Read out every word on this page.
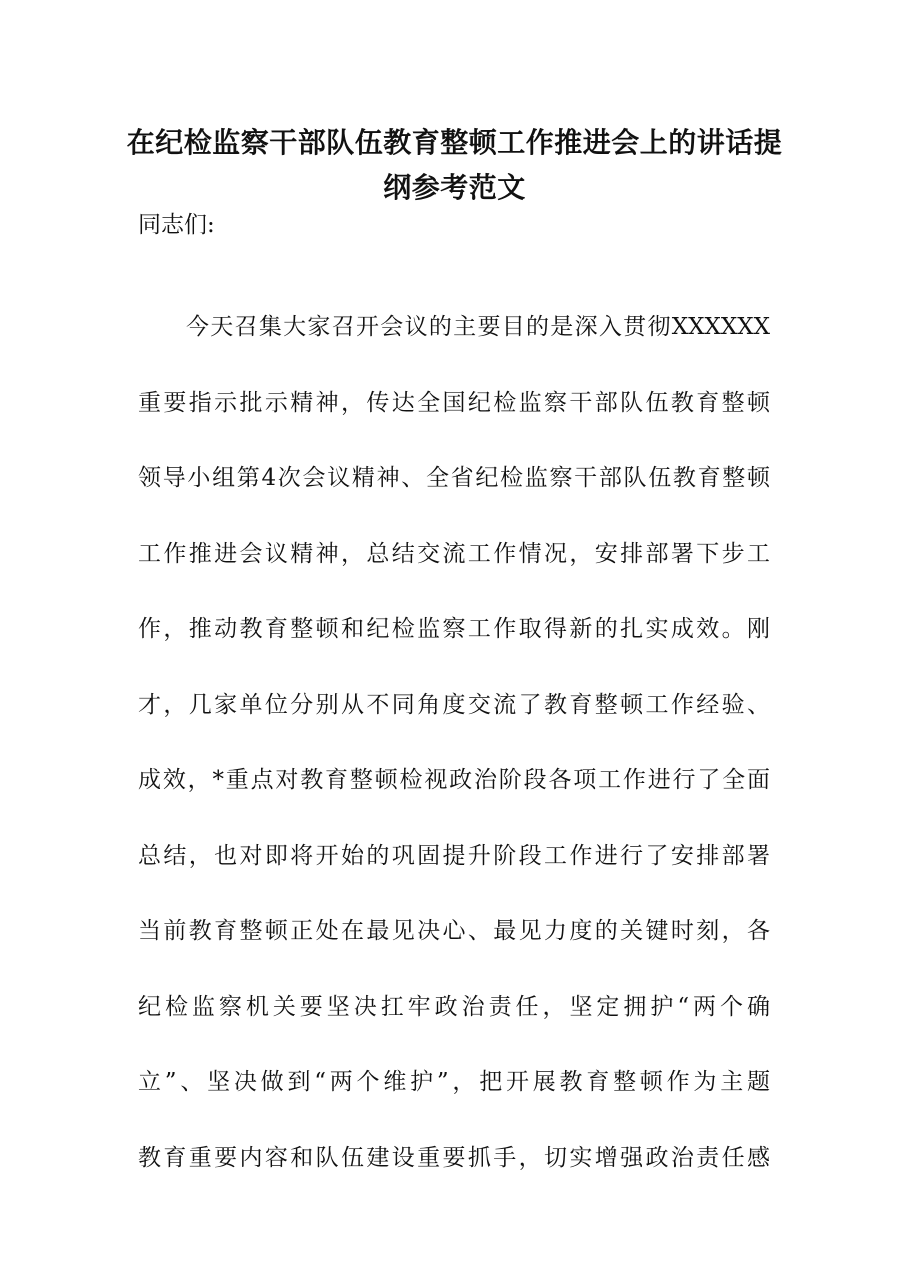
在纪检监察干部队伍教育整顿工作推进会上的讲话提
纲参考范文
同志们:
今天召集大家召开会议的主要目的是深入贯彻XXXXXX
重要指示批示精神，传达全国纪检监察干部队伍教育整顿
领导小组第4次会议精神、全省纪检监察干部队伍教育整顿
工作推进会议精神，总结交流工作情况，安排部署下步工
作，推动教育整顿和纪检监察工作取得新的扎实成效。刚
才，几家单位分别从不同角度交流了教育整顿工作经验、
成效，*重点对教育整顿检视政治阶段各项工作进行了全面
总结，也对即将开始的巩固提升阶段工作进行了安排部署
当前教育整顿正处在最见决心、最见力度的关键时刻，各
纪检监察机关要坚决扛牢政治责任，坚定拥护“两个确
立”、坚决做到“两个维护”，把开展教育整顿作为主题
教育重要内容和队伍建设重要抓手，切实增强政治责任感
